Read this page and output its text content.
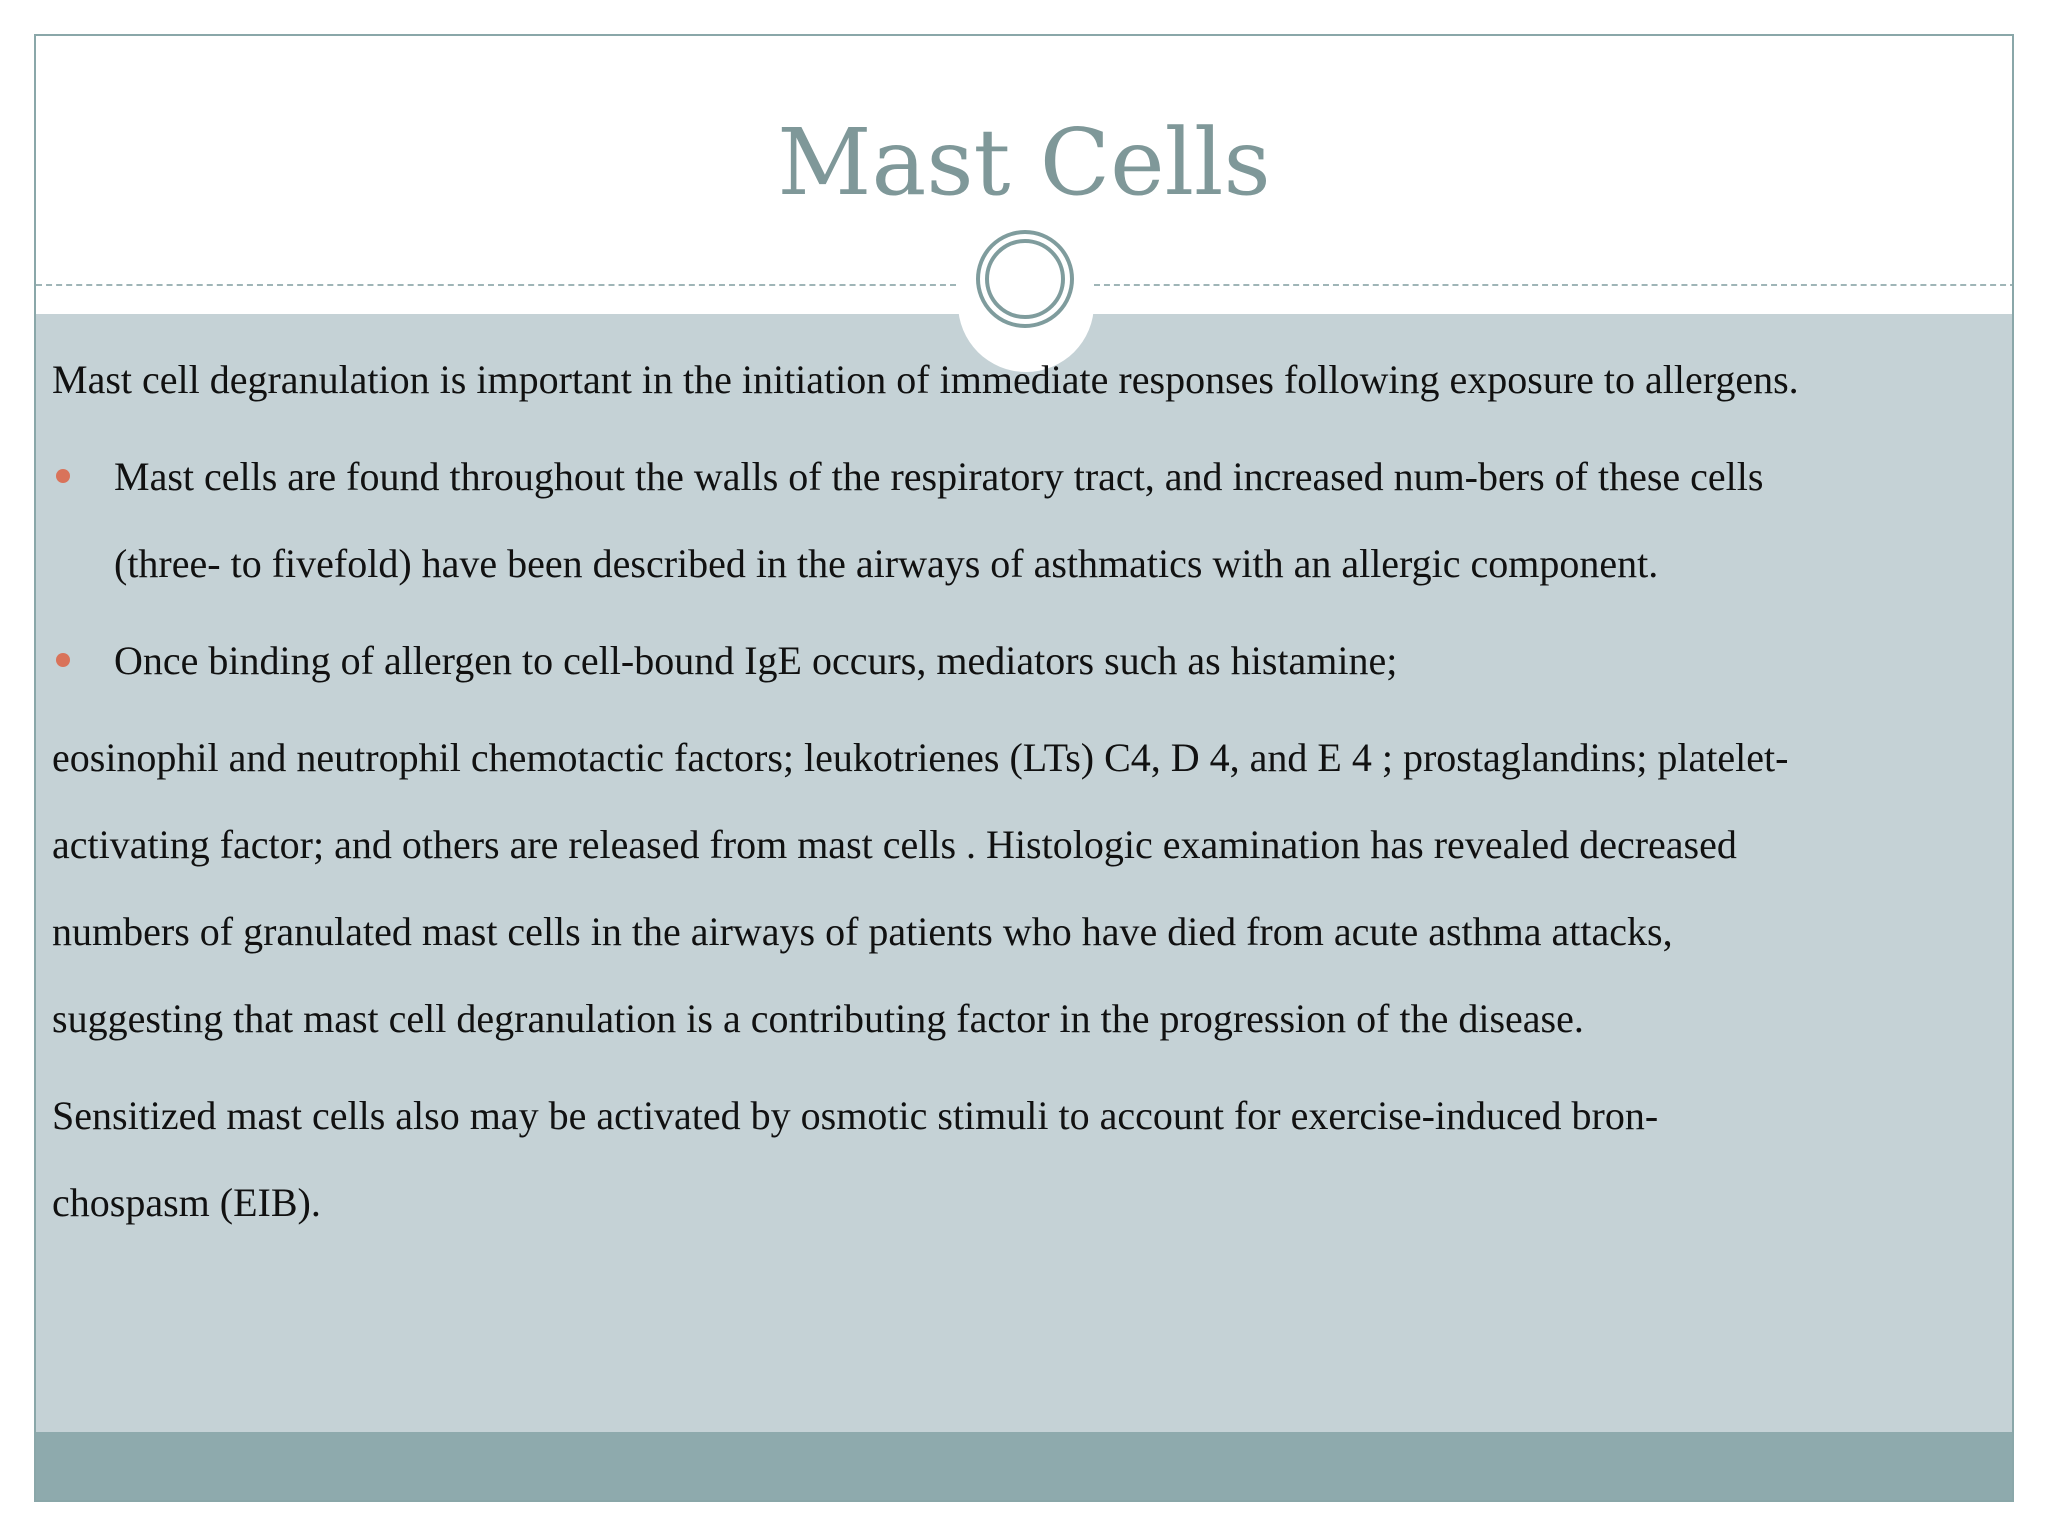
Mast Cells
Mast cell degranulation is important in the initiation of immediate responses following exposure to allergens.
Mast cells are found throughout the walls of the respiratory tract, and increased num-bers of these cells
(three- to fivefold) have been described in the airways of asthmatics with an allergic component.
Once binding of allergen to cell-bound IgE occurs, mediators such as histamine;
eosinophil and neutrophil chemotactic factors; leukotrienes (LTs) C4, D 4, and E 4 ; prostaglandins; platelet-
activating factor; and others are released from mast cells . Histologic examination has revealed decreased
numbers of granulated mast cells in the airways of patients who have died from acute asthma attacks,
suggesting that mast cell degranulation is a contributing factor in the progression of the disease.
Sensitized mast cells also may be activated by osmotic stimuli to account for exercise-induced bron-
chospasm (EIB).
